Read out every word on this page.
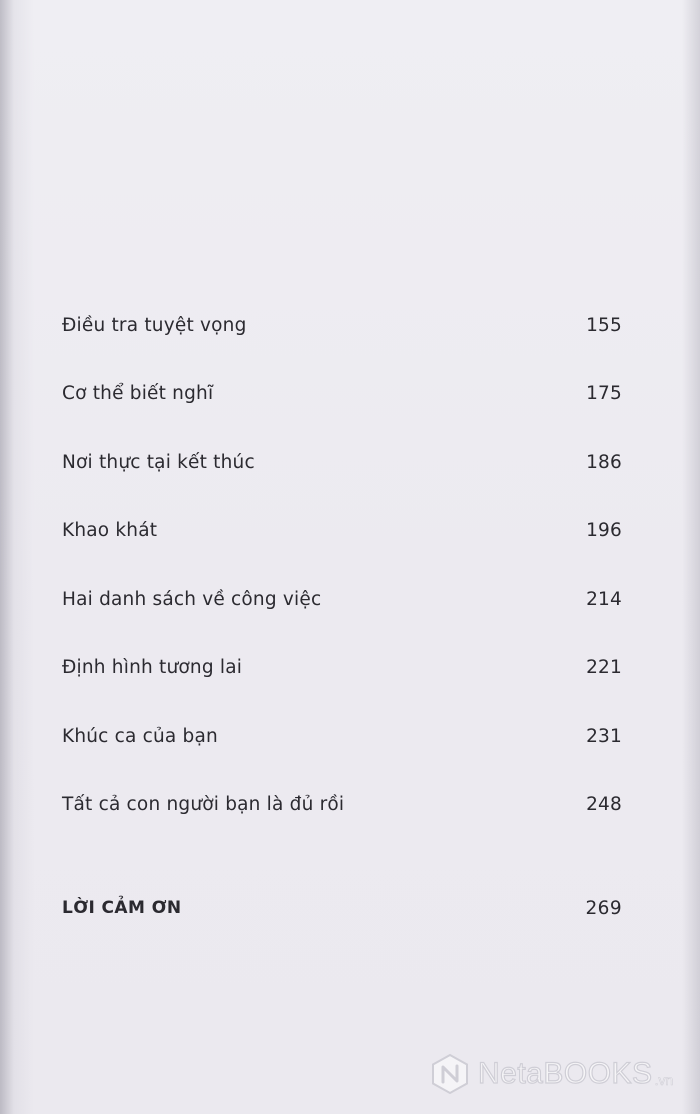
Điều tra tuyệt vọng	155
Cơ thể biết nghĩ	175
Nơi thực tại kết thúc	186
Khao khát	196
Hai danh sách về công việc	214
Định hình tương lai	221
Khúc ca của bạn	231
Tất cả con người bạn là đủ rồi	248
LỜI CẢM ƠN	269
NetaBOOKS .vn
